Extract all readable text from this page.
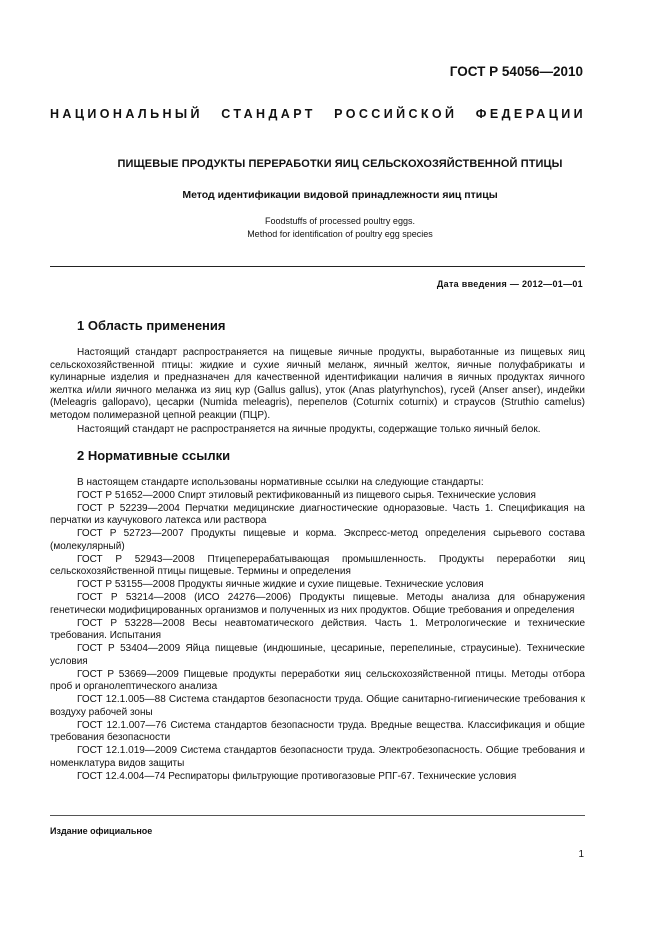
ГОСТ Р 54056—2010
НАЦИОНАЛЬНЫЙ СТАНДАРТ РОССИЙСКОЙ ФЕДЕРАЦИИ
ПИЩЕВЫЕ ПРОДУКТЫ ПЕРЕРАБОТКИ ЯИЦ СЕЛЬСКОХОЗЯЙСТВЕННОЙ ПТИЦЫ
Метод идентификации видовой принадлежности яиц птицы
Foodstuffs of processed poultry eggs.
Method for identification of poultry egg species
Дата введения — 2012—01—01
1 Область применения
Настоящий стандарт распространяется на пищевые яичные продукты, выработанные из пищевых яиц сельскохозяйственной птицы: жидкие и сухие яичный меланж, яичный желток, яичные полуфабрикаты и кулинарные изделия и предназначен для качественной идентификации наличия в яичных продуктах яичного желтка и/или яичного меланжа из яиц кур (Gallus gallus), уток (Anas platyrhynchos), гусей (Anser anser), индейки (Meleagris gallopavo), цесарки (Numida meleagris), перепелов (Coturnix coturnix) и страусов (Struthio camelus) методом полимеразной цепной реакции (ПЦР).
Настоящий стандарт не распространяется на яичные продукты, содержащие только яичный белок.
2 Нормативные ссылки
В настоящем стандарте использованы нормативные ссылки на следующие стандарты:
ГОСТ Р 51652—2000 Спирт этиловый ректификованный из пищевого сырья. Технические условия
ГОСТ Р 52239—2004 Перчатки медицинские диагностические одноразовые. Часть 1. Спецификация на перчатки из каучукового латекса или раствора
ГОСТ Р 52723—2007 Продукты пищевые и корма. Экспресс-метод определения сырьевого состава (молекулярный)
ГОСТ Р 52943—2008 Птицеперерабатывающая промышленность. Продукты переработки яиц сельскохозяйственной птицы пищевые. Термины и определения
ГОСТ Р 53155—2008 Продукты яичные жидкие и сухие пищевые. Технические условия
ГОСТ Р 53214—2008 (ИСО 24276—2006) Продукты пищевые. Методы анализа для обнаружения генетически модифицированных организмов и полученных из них продуктов. Общие требования и определения
ГОСТ Р 53228—2008 Весы неавтоматического действия. Часть 1. Метрологические и технические требования. Испытания
ГОСТ Р 53404—2009 Яйца пищевые (индюшиные, цесариные, перепелиные, страусиные). Технические условия
ГОСТ Р 53669—2009 Пищевые продукты переработки яиц сельскохозяйственной птицы. Методы отбора проб и органолептического анализа
ГОСТ 12.1.005—88 Система стандартов безопасности труда. Общие санитарно-гигиенические требования к воздуху рабочей зоны
ГОСТ 12.1.007—76 Система стандартов безопасности труда. Вредные вещества. Классификация и общие требования безопасности
ГОСТ 12.1.019—2009 Система стандартов безопасности труда. Электробезопасность. Общие требования и номенклатура видов защиты
ГОСТ 12.4.004—74 Респираторы фильтрующие противогазовые РПГ-67. Технические условия
Издание официальное
1
